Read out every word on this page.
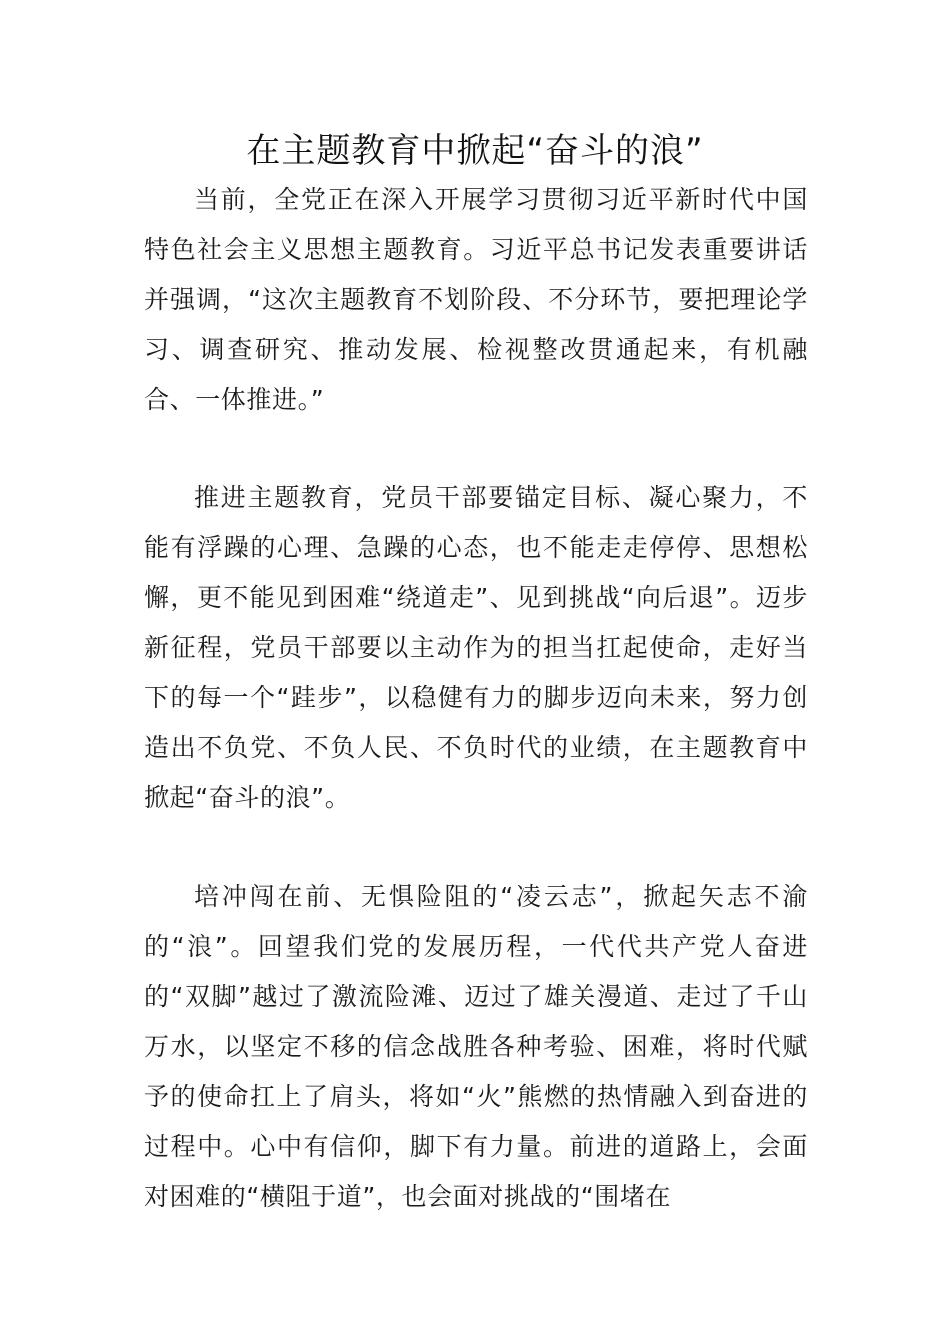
在主题教育中掀起“奋斗的浪”

当前，全党正在深入开展学习贯彻习近平新时代中国特色社会主义思想主题教育。习近平总书记发表重要讲话并强调，“这次主题教育不划阶段、不分环节，要把理论学习、调查研究、推动发展、检视整改贯通起来，有机融合、一体推进。”

推进主题教育，党员干部要锚定目标、凝心聚力，不能有浮躁的心理、急躁的心态，也不能走走停停、思想松懈，更不能见到困难“绕道走”、见到挑战“向后退”。迈步新征程，党员干部要以主动作为的担当扛起使命，走好当下的每一个“跬步”，以稳健有力的脚步迈向未来，努力创造出不负党、不负人民、不负时代的业绩，在主题教育中掀起“奋斗的浪”。

培冲闯在前、无惧险阻的“凌云志”，掀起矢志不渝的“浪”。回望我们党的发展历程，一代代共产党人奋进的“双脚”越过了激流险滩、迈过了雄关漫道、走过了千山万水，以坚定不移的信念战胜各种考验、困难，将时代赋予的使命扛上了肩头，将如“火”熊燃的热情融入到奋进的过程中。心中有信仰，脚下有力量。前进的道路上，会面对困难的“横阻于道”，也会面对挑战的“围堵在
